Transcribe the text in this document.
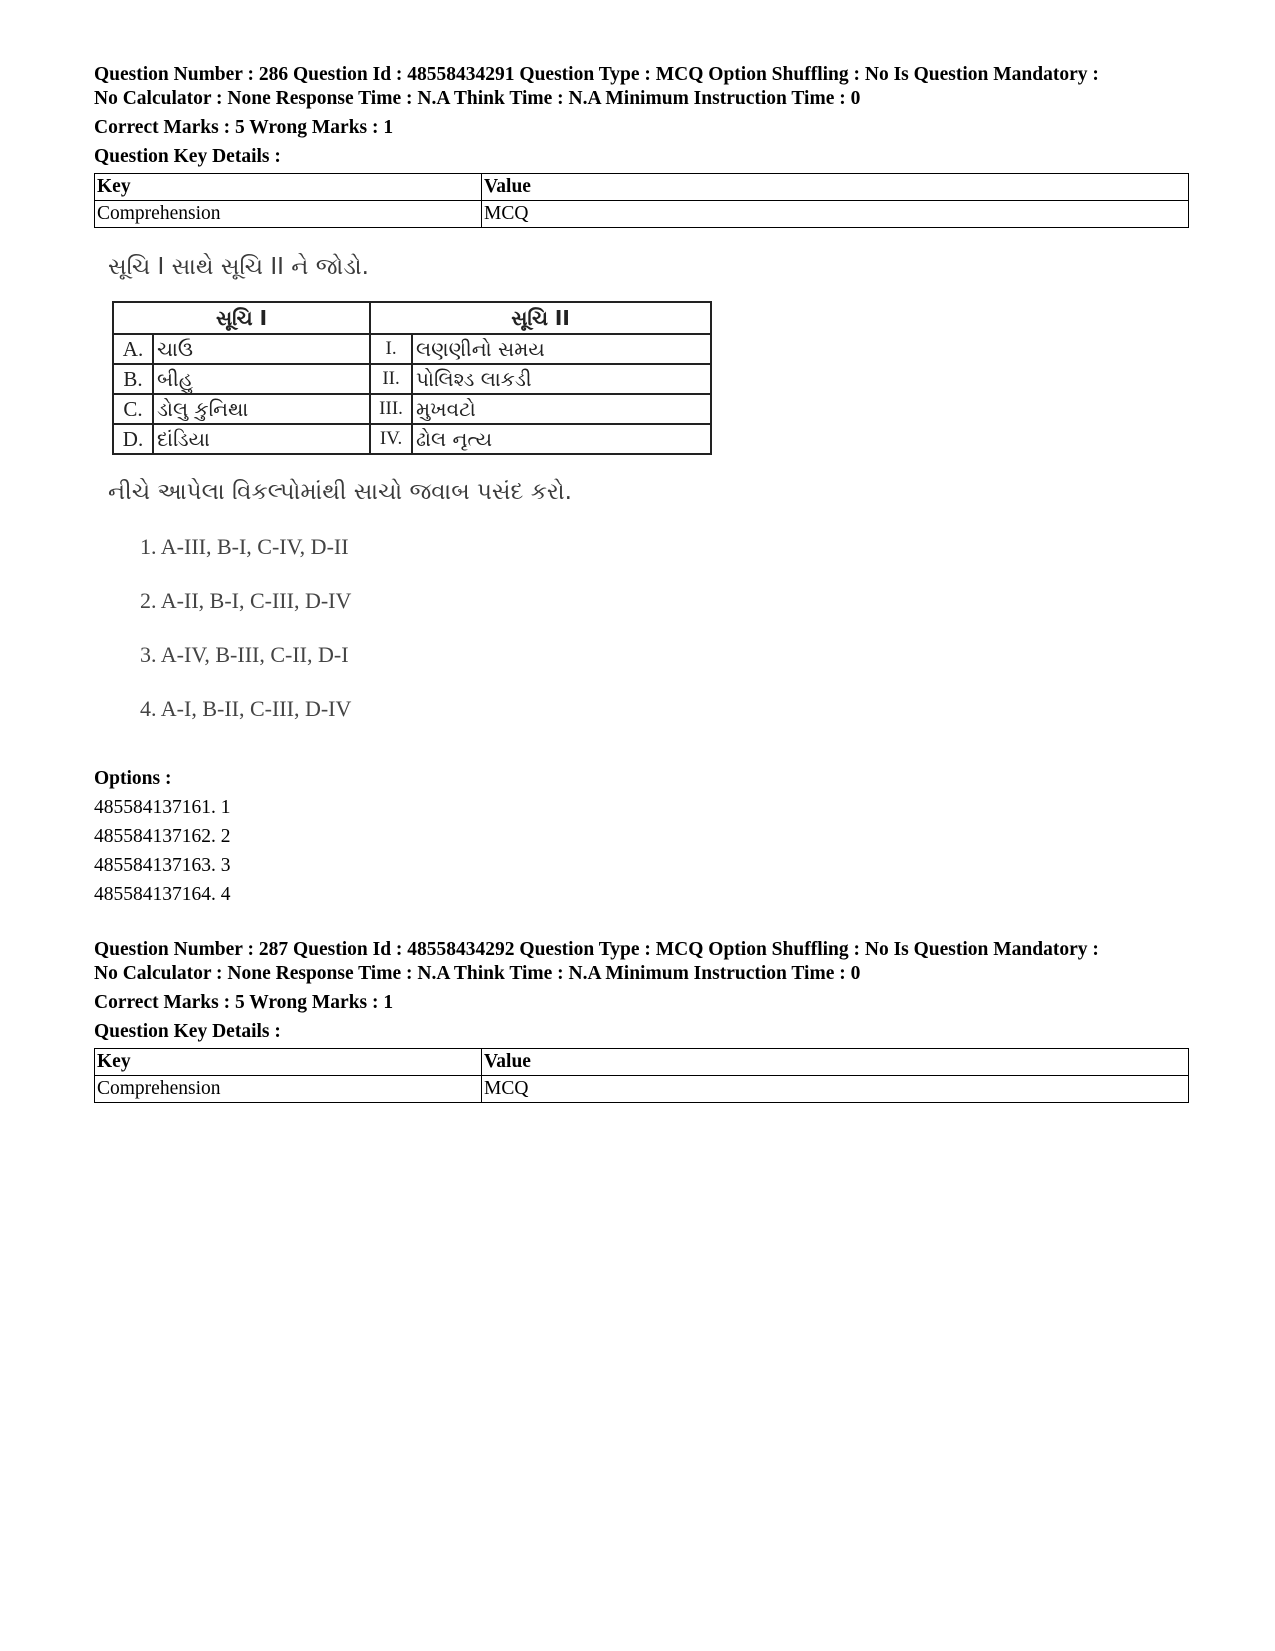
Question Number : 286 Question Id : 48558434291 Question Type : MCQ Option Shuffling : No Is Question Mandatory :

No Calculator : None Response Time : N.A Think Time : N.A Minimum Instruction Time : 0

Correct Marks : 5 Wrong Marks : 1
Question Key Details :
Key	Value
Comprehension	MCQ

સૂચિ I સાથે સૂચિ II ને જોડો.

સૂચિ I		સૂચિ II	
A.	ચાઉ	I.	લણણીનો સમય
B.	બીહુ	II.	પોલિશ્ડ લાકડી
C.	ડોલુ કુનિથા	III.	મુખવટો
D.	દાંડિયા	IV.	ઢોલ નૃત્ય

નીચે આપેલા વિકલ્પોમાંથી સાચો જવાબ પસંદ કરો.

1. A-III, B-I, C-IV, D-II
2. A-II, B-I, C-III, D-IV
3. A-IV, B-III, C-II, D-I
4. A-I, B-II, C-III, D-IV
Options :
485584137161. 1
485584137162. 2
485584137163. 3
485584137164. 4

Question Number : 287 Question Id : 48558434292 Question Type : MCQ Option Shuffling : No Is Question Mandatory :

No Calculator : None Response Time : N.A Think Time : N.A Minimum Instruction Time : 0

Correct Marks : 5 Wrong Marks : 1
Question Key Details :
Key	Value
Comprehension	MCQ
